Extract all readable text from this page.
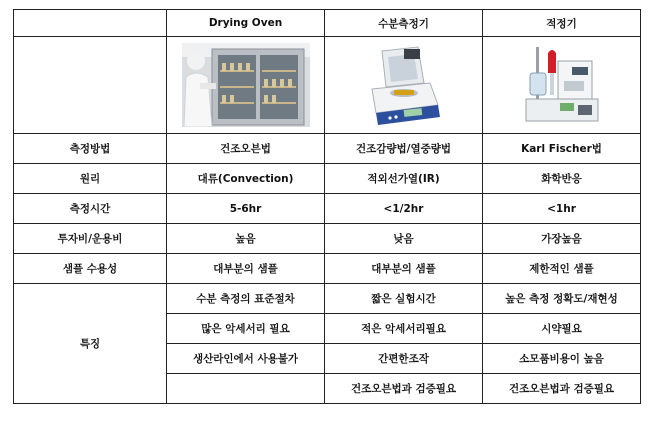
	Drying Oven	수분측정기	적정기

측정방법	건조오븐법	건조감량법/열중량법	Karl Fischer법
원리	대류(Convection)	적외선가열(IR)	화학반응
측정시간	5-6hr	<1/2hr	<1hr
투자비/운용비	높음	낮음	가장높음
샘플 수용성	대부분의 샘플	대부분의 샘플	제한적인 샘플
특징	수분 측정의 표준절차	짧은 실험시간	높은 측정 정확도/재현성
	많은 악세서리 필요	적은 악세서리필요	시약필요
	생산라인에서 사용불가	간편한조작	소모품비용이 높음
		건조오븐법과 검증필요	건조오븐법과 검증필요
